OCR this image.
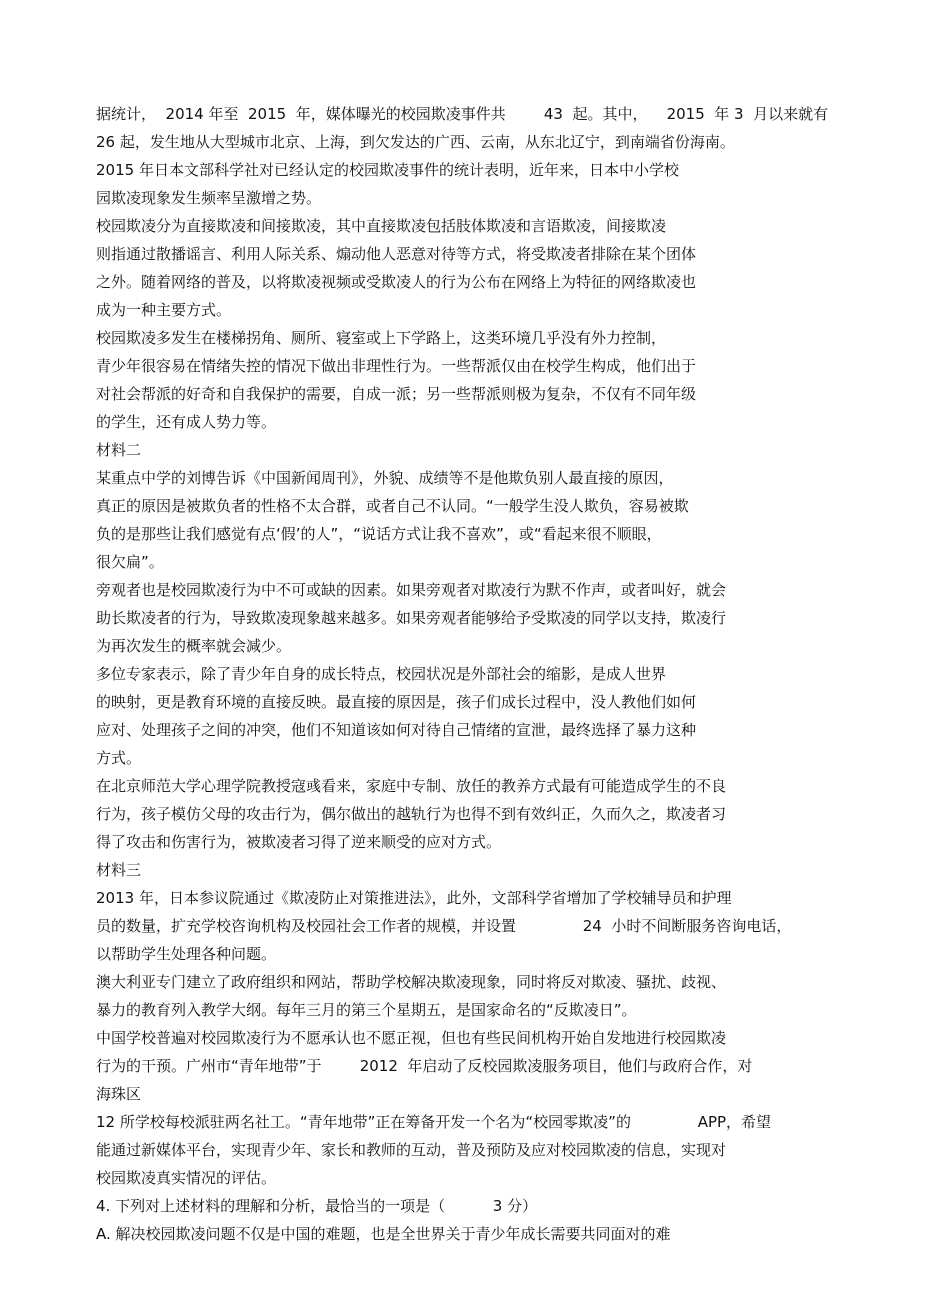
据统计，  2014 年至  2015  年，媒体曝光的校园欺凌事件共        43  起。其中，    2015  年 3  月以来就有
26 起，发生地从大型城市北京、上海，到欠发达的广西、云南，从东北辽宁，到南端省份海南。
2015 年日本文部科学社对已经认定的校园欺凌事件的统计表明，近年来，日本中小学校
园欺凌现象发生频率呈激增之势。
校园欺凌分为直接欺凌和间接欺凌，其中直接欺凌包括肢体欺凌和言语欺凌，间接欺凌
则指通过散播谣言、利用人际关系、煽动他人恶意对待等方式，将受欺凌者排除在某个团体
之外。随着网络的普及，以将欺凌视频或受欺凌人的行为公布在网络上为特征的网络欺凌也
成为一种主要方式。
校园欺凌多发生在楼梯拐角、厕所、寝室或上下学路上，这类环境几乎没有外力控制，
青少年很容易在情绪失控的情况下做出非理性行为。一些帮派仅由在校学生构成，他们出于
对社会帮派的好奇和自我保护的需要，自成一派；另一些帮派则极为复杂，不仅有不同年级
的学生，还有成人势力等。
材料二
某重点中学的刘博告诉《中国新闻周刊》，外貌、成绩等不是他欺负别人最直接的原因，
真正的原因是被欺负者的性格不太合群，或者自己不认同。“一般学生没人欺负，容易被欺
负的是那些让我们感觉有点‘假’的人”，“说话方式让我不喜欢”，或“看起来很不顺眼，
很欠扁”。
旁观者也是校园欺凌行为中不可或缺的因素。如果旁观者对欺凌行为默不作声，或者叫好，就会
助长欺凌者的行为，导致欺凌现象越来越多。如果旁观者能够给予受欺凌的同学以支持，欺凌行
为再次发生的概率就会减少。
多位专家表示，除了青少年自身的成长特点，校园状况是外部社会的缩影，是成人世界
的映射，更是教育环境的直接反映。最直接的原因是，孩子们成长过程中，没人教他们如何
应对、处理孩子之间的冲突，他们不知道该如何对待自己情绪的宣泄，最终选择了暴力这种
方式。
在北京师范大学心理学院教授寇彧看来，家庭中专制、放任的教养方式最有可能造成学生的不良
行为，孩子模仿父母的攻击行为，偶尔做出的越轨行为也得不到有效纠正，久而久之，欺凌者习
得了攻击和伤害行为，被欺凌者习得了逆来顺受的应对方式。
材料三
2013 年，日本参议院通过《欺凌防止对策推进法》，此外，文部科学省增加了学校辅导员和护理
员的数量，扩充学校咨询机构及校园社会工作者的规模，并设置              24  小时不间断服务咨询电话，
以帮助学生处理各种问题。
澳大利亚专门建立了政府组织和网站，帮助学校解决欺凌现象，同时将反对欺凌、骚扰、歧视、
暴力的教育列入教学大纲。每年三月的第三个星期五，是国家命名的“反欺凌日”。
中国学校普遍对校园欺凌行为不愿承认也不愿正视，但也有些民间机构开始自发地进行校园欺凌
行为的干预。广州市“青年地带”于        2012  年启动了反校园欺凌服务项目，他们与政府合作，对
海珠区
12 所学校每校派驻两名社工。“青年地带”正在筹备开发一个名为“校园零欺凌”的              APP，希望
能通过新媒体平台，实现青少年、家长和教师的互动，普及预防及应对校园欺凌的信息，实现对
校园欺凌真实情况的评估。
4. 下列对上述材料的理解和分析，最恰当的一项是（          3 分）
A. 解决校园欺凌问题不仅是中国的难题，也是全世界关于青少年成长需要共同面对的难
